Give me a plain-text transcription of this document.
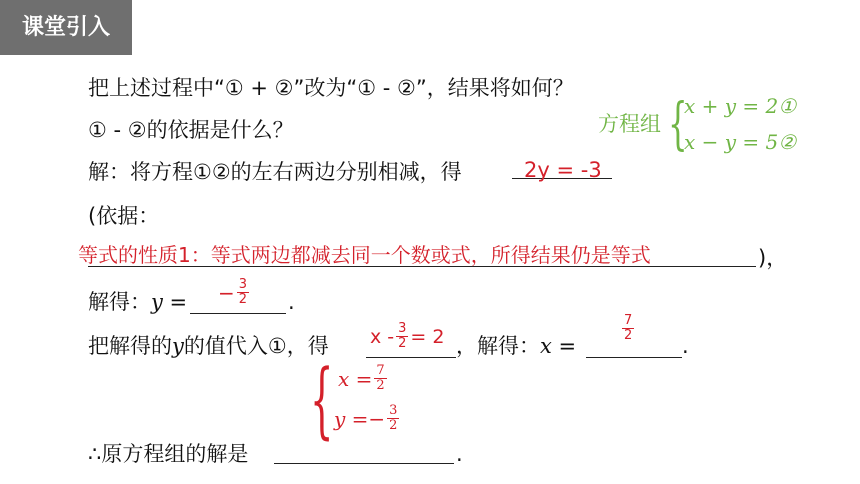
课堂引入
把上述过程中“① + ②”改为“① - ②”，结果将如何？
① - ②的依据是什么？	方程组 {
x + y = 2①
x − y = 5②
解：将方程①②的左右两边分别相减，得	2y = -3
(依据：
等式的性质1：等式两边都减去同一个数或式，所得结果仍是等式	)，
解得：y =	.
− $\frac{3}{2}$
把解得的y的值代入①，得 $x - \frac{3}{2} = 2$ ，解得：x =	.
$\frac{7}{2}$
{ $x = \frac{7}{2}$
$y =- \frac{3}{2}$
∴原方程组的解是	.
